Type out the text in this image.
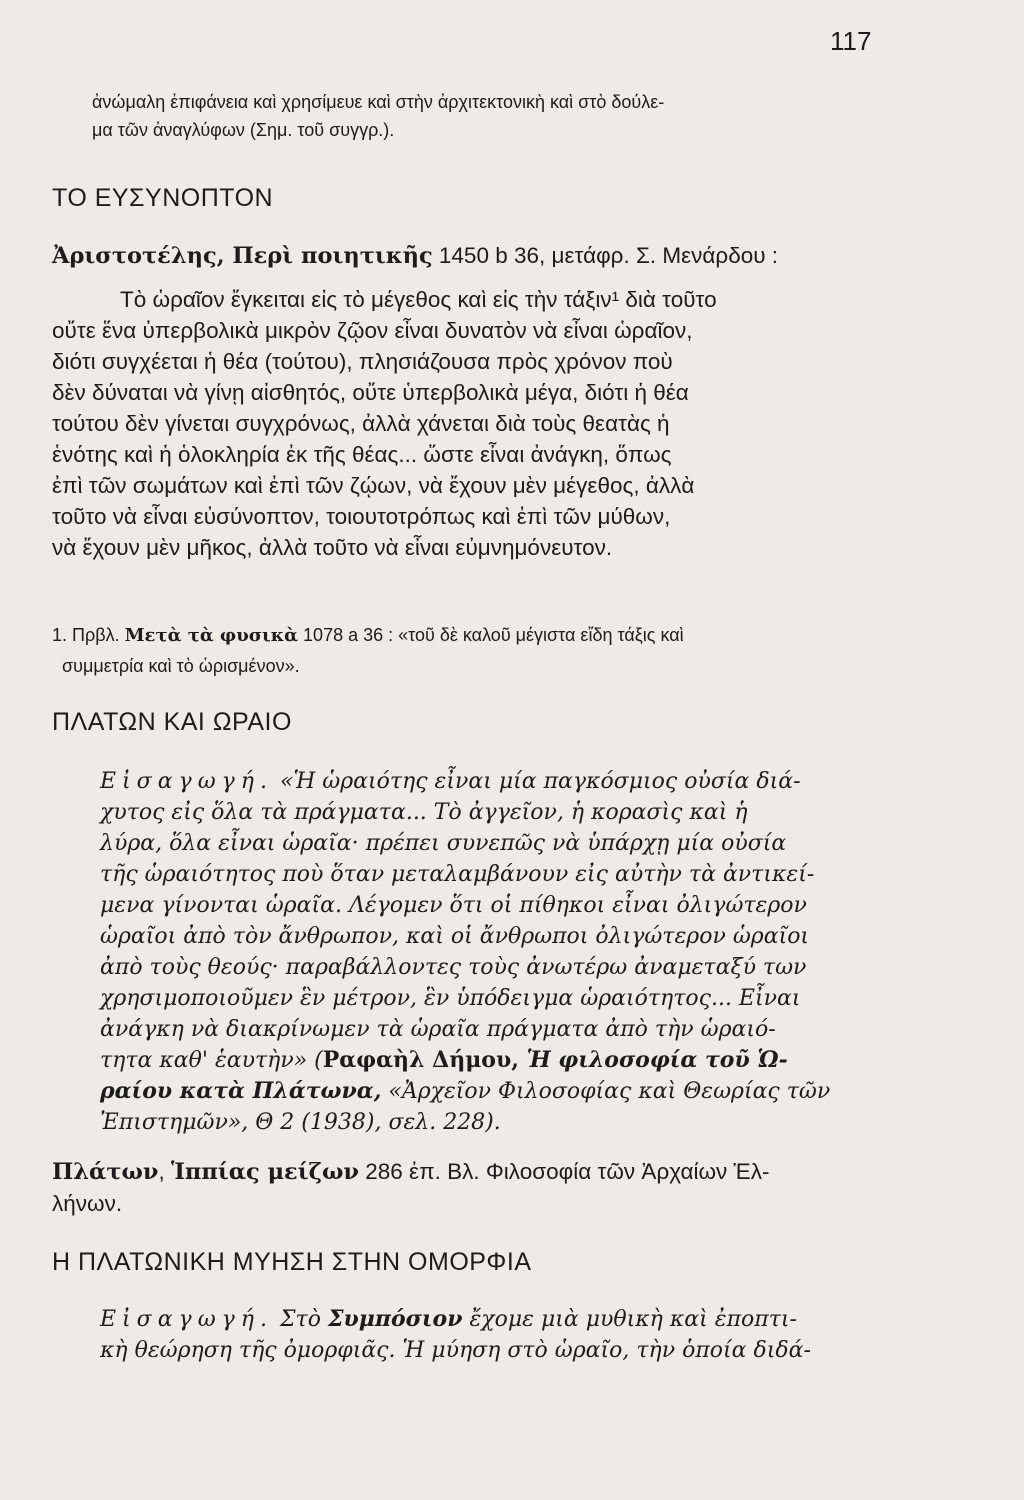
117
ἀνώμαλη ἐπιφάνεια καὶ χρησίμευε καὶ στὴν ἀρχιτεκτονικὴ καὶ στὸ δούλε-
μα τῶν ἀναγλύφων (Σημ. τοῦ συγγρ.).
ΤΟ ΕΥΣΥΝΟΠΤΟΝ
Ἀριστοτέλης, Περὶ ποιητικῆς 1450 b 36, μετάφρ. Σ. Μενάρδου :
Τὸ ὡραῖον ἔγκειται εἰς τὸ μέγεθος καὶ εἰς τὴν τάξιν¹ διὰ τοῦτο
οὔτε ἕνα ὑπερβολικὰ μικρὸν ζῷον εἶναι δυνατὸν νὰ εἶναι ὡραῖον,
διότι συγχέεται ἡ θέα (τούτου), πλησιάζουσα πρὸς χρόνον ποὺ
δὲν δύναται νὰ γίνῃ αἰσθητός, οὔτε ὑπερβολικὰ μέγα, διότι ἡ θέα
τούτου δὲν γίνεται συγχρόνως, ἀλλὰ χάνεται διὰ τοὺς θεατὰς ἡ
ἑνότης καὶ ἡ ὁλοκληρία ἐκ τῆς θέας... ὥστε εἶναι ἀνάγκη, ὅπως
ἐπὶ τῶν σωμάτων καὶ ἐπὶ τῶν ζῴων, νὰ ἔχουν μὲν μέγεθος, ἀλλὰ
τοῦτο νὰ εἶναι εὐσύνοπτον, τοιουτοτρόπως καὶ ἐπὶ τῶν μύθων,
νὰ ἔχουν μὲν μῆκος, ἀλλὰ τοῦτο νὰ εἶναι εὐμνημόνευτον.
1. Πρβλ. Μετὰ τὰ φυσικὰ 1078 a 36 : «τοῦ δὲ καλοῦ μέγιστα εἴδη τάξις καὶ
συμμετρία καὶ τὸ ὡρισμένον».
ΠΛΑΤΩΝ ΚΑΙ ΩΡΑΙΟ
Εἰσαγωγή. «Ἡ ὡραιότης εἶναι μία παγκόσμιος οὐσία διά-
χυτος εἰς ὅλα τὰ πράγματα... Τὸ ἀγγεῖον, ἡ κορασὶς καὶ ἡ
λύρα, ὅλα εἶναι ὡραῖα· πρέπει συνεπῶς νὰ ὑπάρχῃ μία οὐσία
τῆς ὡραιότητος ποὺ ὅταν μεταλαμβάνουν εἰς αὐτὴν τὰ ἀντικεί-
μενα γίνονται ὡραῖα. Λέγομεν ὅτι οἱ πίθηκοι εἶναι ὀλιγώτερον
ὡραῖοι ἀπὸ τὸν ἄνθρωπον, καὶ οἱ ἄνθρωποι ὀλιγώτερον ὡραῖοι
ἀπὸ τοὺς θεούς· παραβάλλοντες τοὺς ἀνωτέρω ἀναμεταξύ των
χρησιμοποιοῦμεν ἓν μέτρον, ἓν ὑπόδειγμα ὡραιότητος... Εἶναι
ἀνάγκη νὰ διακρίνωμεν τὰ ὡραῖα πράγματα ἀπὸ τὴν ὡραιό-
τητα καθ' ἑαυτὴν» (Ραφαὴλ Δήμου, Ἡ φιλοσοφία τοῦ Ὡ-
ραίου κατὰ Πλάτωνα, «Ἀρχεῖον Φιλοσοφίας καὶ Θεωρίας τῶν
Ἐπιστημῶν», Θ 2 (1938), σελ. 228).
Πλάτων, Ἱππίας μείζων 286 ἐπ. Βλ. Φιλοσοφία τῶν Ἀρχαίων Ἑλ-
λήνων.
Η ΠΛΑΤΩΝΙΚΗ ΜΥΗΣΗ ΣΤΗΝ ΟΜΟΡΦΙΑ
Εἰσαγωγή. Στὸ Συμπόσιον ἔχομε μιὰ μυθικὴ καὶ ἐποπτι-
κὴ θεώρηση τῆς ὀμορφιᾶς. Ἡ μύηση στὸ ὡραῖο, τὴν ὁποία διδά-
